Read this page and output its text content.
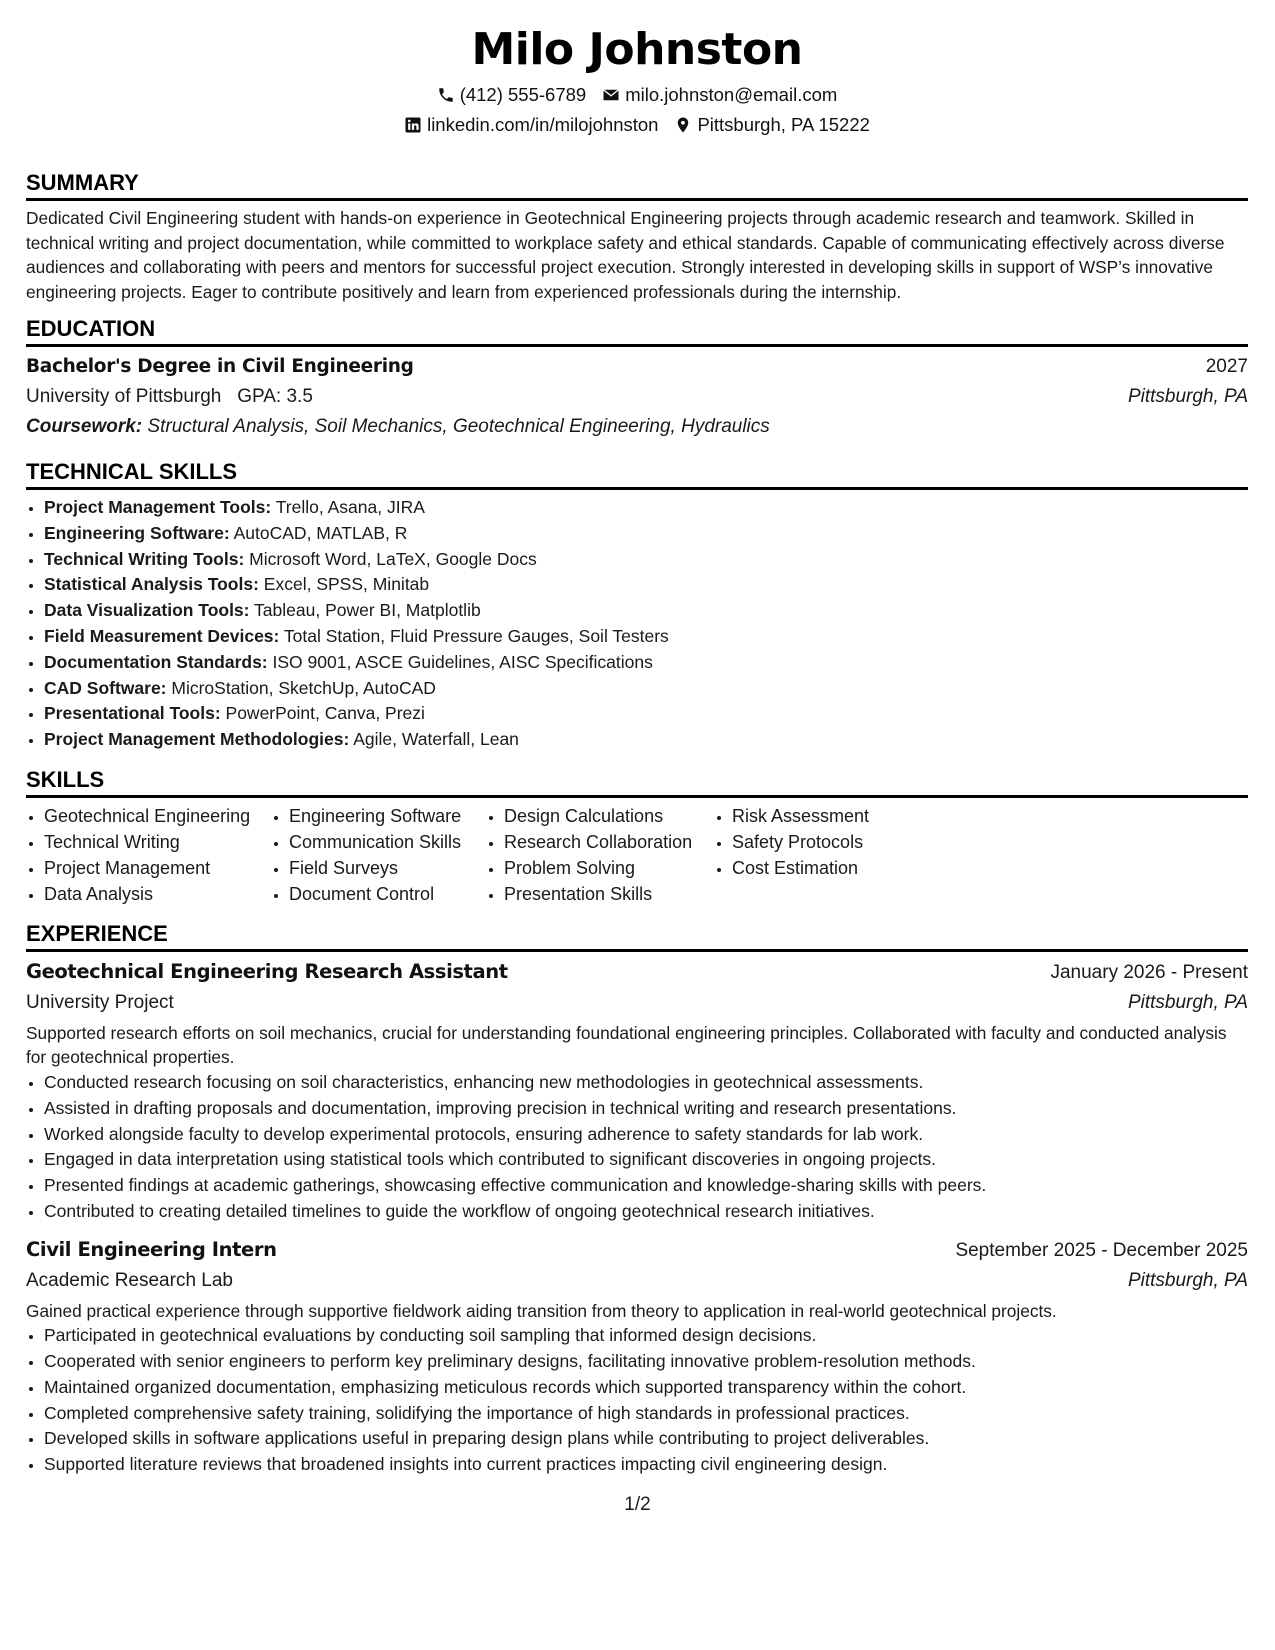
Milo Johnston
(412) 555-6789 milo.johnston@email.com
linkedin.com/in/milojohnston Pittsburgh, PA 15222
SUMMARY
Dedicated Civil Engineering student with hands-on experience in Geotechnical Engineering projects through academic research and teamwork. Skilled in technical writing and project documentation, while committed to workplace safety and ethical standards. Capable of communicating effectively across diverse audiences and collaborating with peers and mentors for successful project execution. Strongly interested in developing skills in support of WSP’s innovative engineering projects. Eager to contribute positively and learn from experienced professionals during the internship.
EDUCATION
Bachelor's Degree in Civil Engineering	2027
University of Pittsburgh GPA: 3.5	Pittsburgh, PA
Coursework: Structural Analysis, Soil Mechanics, Geotechnical Engineering, Hydraulics
TECHNICAL SKILLS
• Project Management Tools: Trello, Asana, JIRA
• Engineering Software: AutoCAD, MATLAB, R
• Technical Writing Tools: Microsoft Word, LaTeX, Google Docs
• Statistical Analysis Tools: Excel, SPSS, Minitab
• Data Visualization Tools: Tableau, Power BI, Matplotlib
• Field Measurement Devices: Total Station, Fluid Pressure Gauges, Soil Testers
• Documentation Standards: ISO 9001, ASCE Guidelines, AISC Specifications
• CAD Software: MicroStation, SketchUp, AutoCAD
• Presentational Tools: PowerPoint, Canva, Prezi
• Project Management Methodologies: Agile, Waterfall, Lean
SKILLS
• Geotechnical Engineering
• Technical Writing
• Project Management
• Data Analysis
• Engineering Software
• Communication Skills
• Field Surveys
• Document Control
• Design Calculations
• Research Collaboration
• Problem Solving
• Presentation Skills
• Risk Assessment
• Safety Protocols
• Cost Estimation
EXPERIENCE
Geotechnical Engineering Research Assistant	January 2026 - Present
University Project	Pittsburgh, PA
Supported research efforts on soil mechanics, crucial for understanding foundational engineering principles. Collaborated with faculty and conducted analysis for geotechnical properties.
• Conducted research focusing on soil characteristics, enhancing new methodologies in geotechnical assessments.
• Assisted in drafting proposals and documentation, improving precision in technical writing and research presentations.
• Worked alongside faculty to develop experimental protocols, ensuring adherence to safety standards for lab work.
• Engaged in data interpretation using statistical tools which contributed to significant discoveries in ongoing projects.
• Presented findings at academic gatherings, showcasing effective communication and knowledge-sharing skills with peers.
• Contributed to creating detailed timelines to guide the workflow of ongoing geotechnical research initiatives.
Civil Engineering Intern	September 2025 - December 2025
Academic Research Lab	Pittsburgh, PA
Gained practical experience through supportive fieldwork aiding transition from theory to application in real-world geotechnical projects.
• Participated in geotechnical evaluations by conducting soil sampling that informed design decisions.
• Cooperated with senior engineers to perform key preliminary designs, facilitating innovative problem-resolution methods.
• Maintained organized documentation, emphasizing meticulous records which supported transparency within the cohort.
• Completed comprehensive safety training, solidifying the importance of high standards in professional practices.
• Developed skills in software applications useful in preparing design plans while contributing to project deliverables.
• Supported literature reviews that broadened insights into current practices impacting civil engineering design.
1/2
